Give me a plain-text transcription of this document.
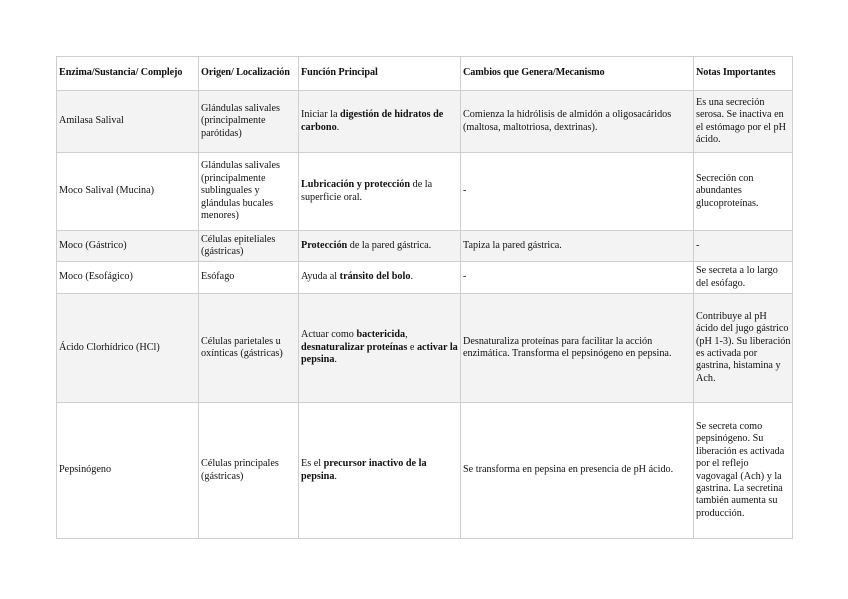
Enzima/Sustancia/ Complejo	Origen/ Localización	Función Principal	Cambios que Genera/Mecanismo	Notas Importantes
Amilasa Salival	Glándulas salivales (principalmente parótidas)	Iniciar la digestión de hidratos de carbono.	Comienza la hidrólisis de almidón a oligosacáridos (maltosa, maltotriosa, dextrinas).	Es una secreción serosa. Se inactiva en el estómago por el pH ácido.
Moco Salival (Mucina)	Glándulas salivales (principalmente sublinguales y glándulas bucales menores)	Lubricación y protección de la superficie oral.	-	Secreción con abundantes glucoproteínas.
Moco (Gástrico)	Células epiteliales (gástricas)	Protección de la pared gástrica.	Tapiza la pared gástrica.	-
Moco (Esofágico)	Esófago	Ayuda al tránsito del bolo.	-	Se secreta a lo largo del esófago.
Ácido Clorhídrico (HCl)	Células parietales u oxínticas (gástricas)	Actuar como bactericida, desnaturalizar proteínas e activar la pepsina.	Desnaturaliza proteínas para facilitar la acción enzimática. Transforma el pepsinógeno en pepsina.	Contribuye al pH ácido del jugo gástrico (pH 1-3). Su liberación es activada por gastrina, histamina y Ach.
Pepsinógeno	Células principales (gástricas)	Es el precursor inactivo de la pepsina.	Se transforma en pepsina en presencia de pH ácido.	Se secreta como pepsinógeno. Su liberación es activada por el reflejo vagovagal (Ach) y la gastrina. La secretina también aumenta su producción.
